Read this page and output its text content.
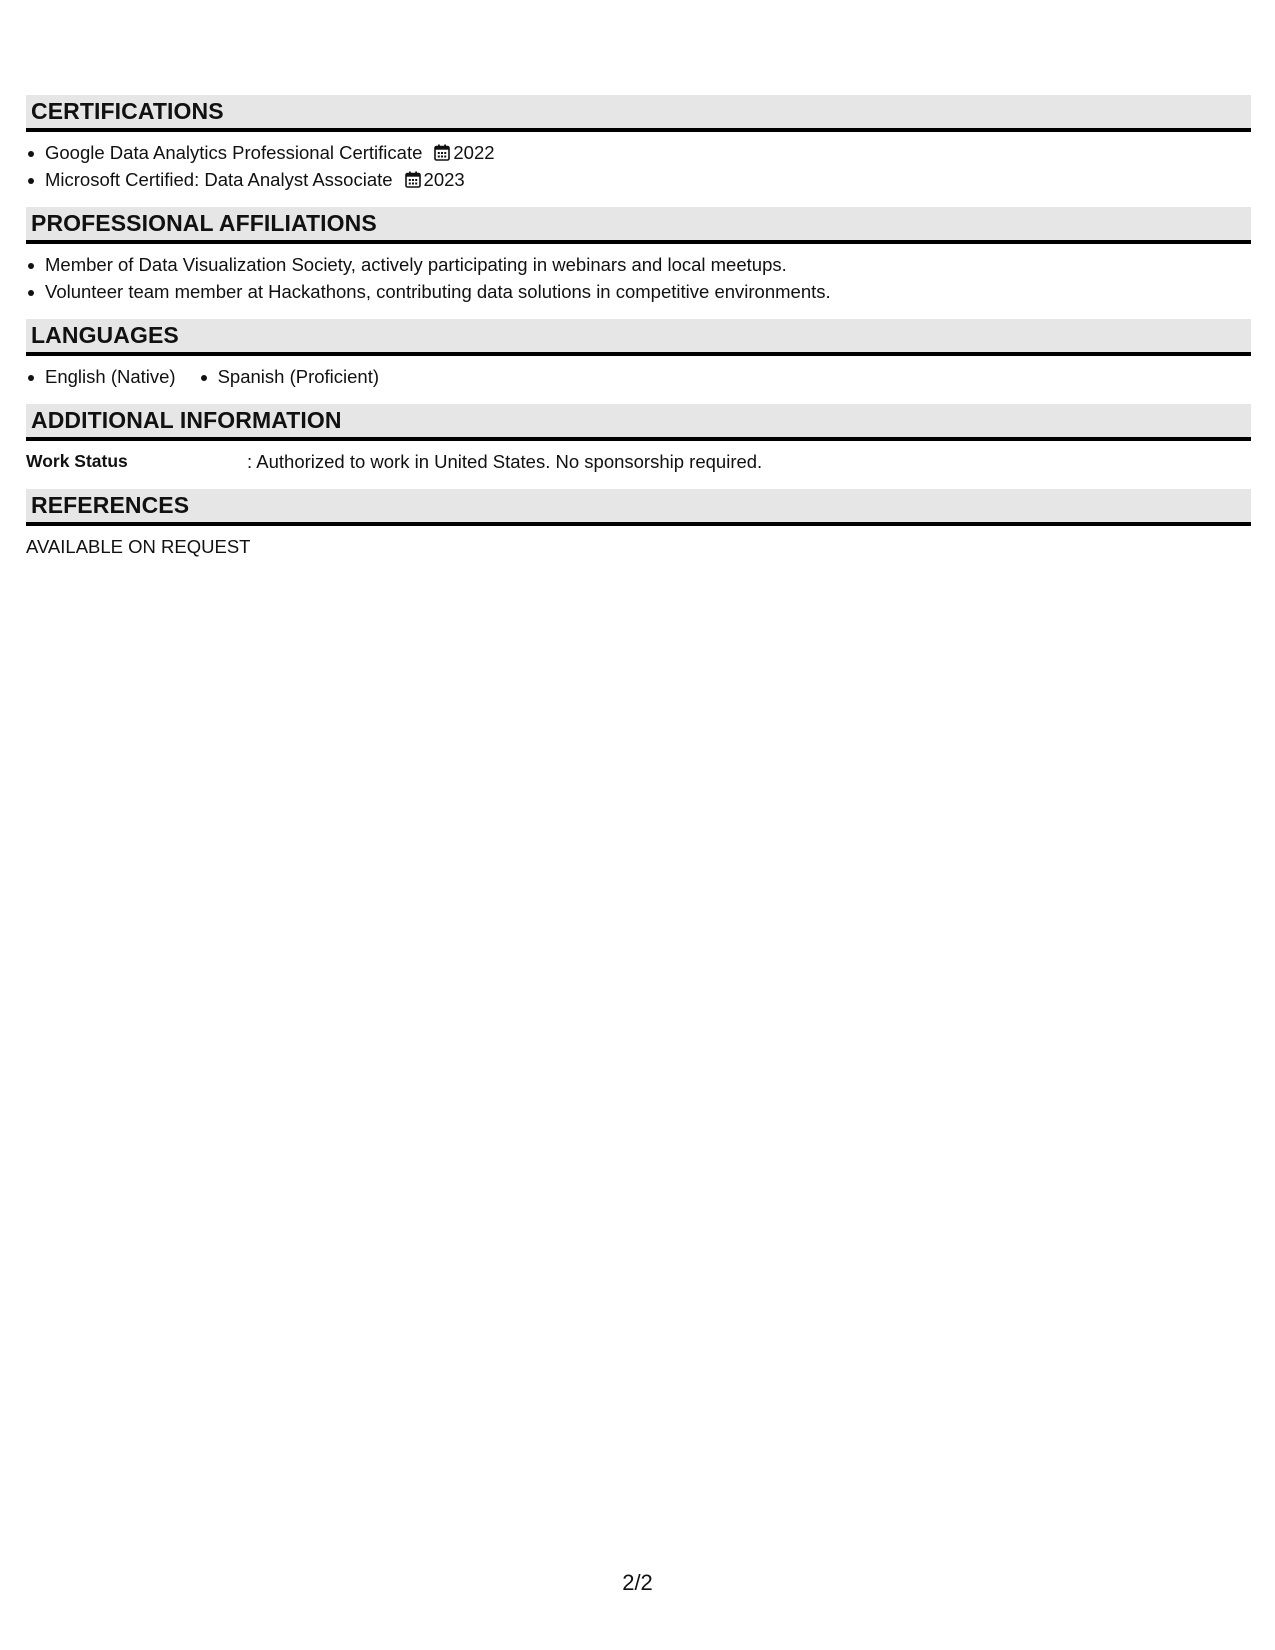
CERTIFICATIONS
Google Data Analytics Professional Certificate 2022
Microsoft Certified: Data Analyst Associate 2023
PROFESSIONAL AFFILIATIONS
Member of Data Visualization Society, actively participating in webinars and local meetups.
Volunteer team member at Hackathons, contributing data solutions in competitive environments.
LANGUAGES
English (Native)	Spanish (Proficient)
ADDITIONAL INFORMATION
Work Status	: Authorized to work in United States. No sponsorship required.
REFERENCES
AVAILABLE ON REQUEST
2/2
